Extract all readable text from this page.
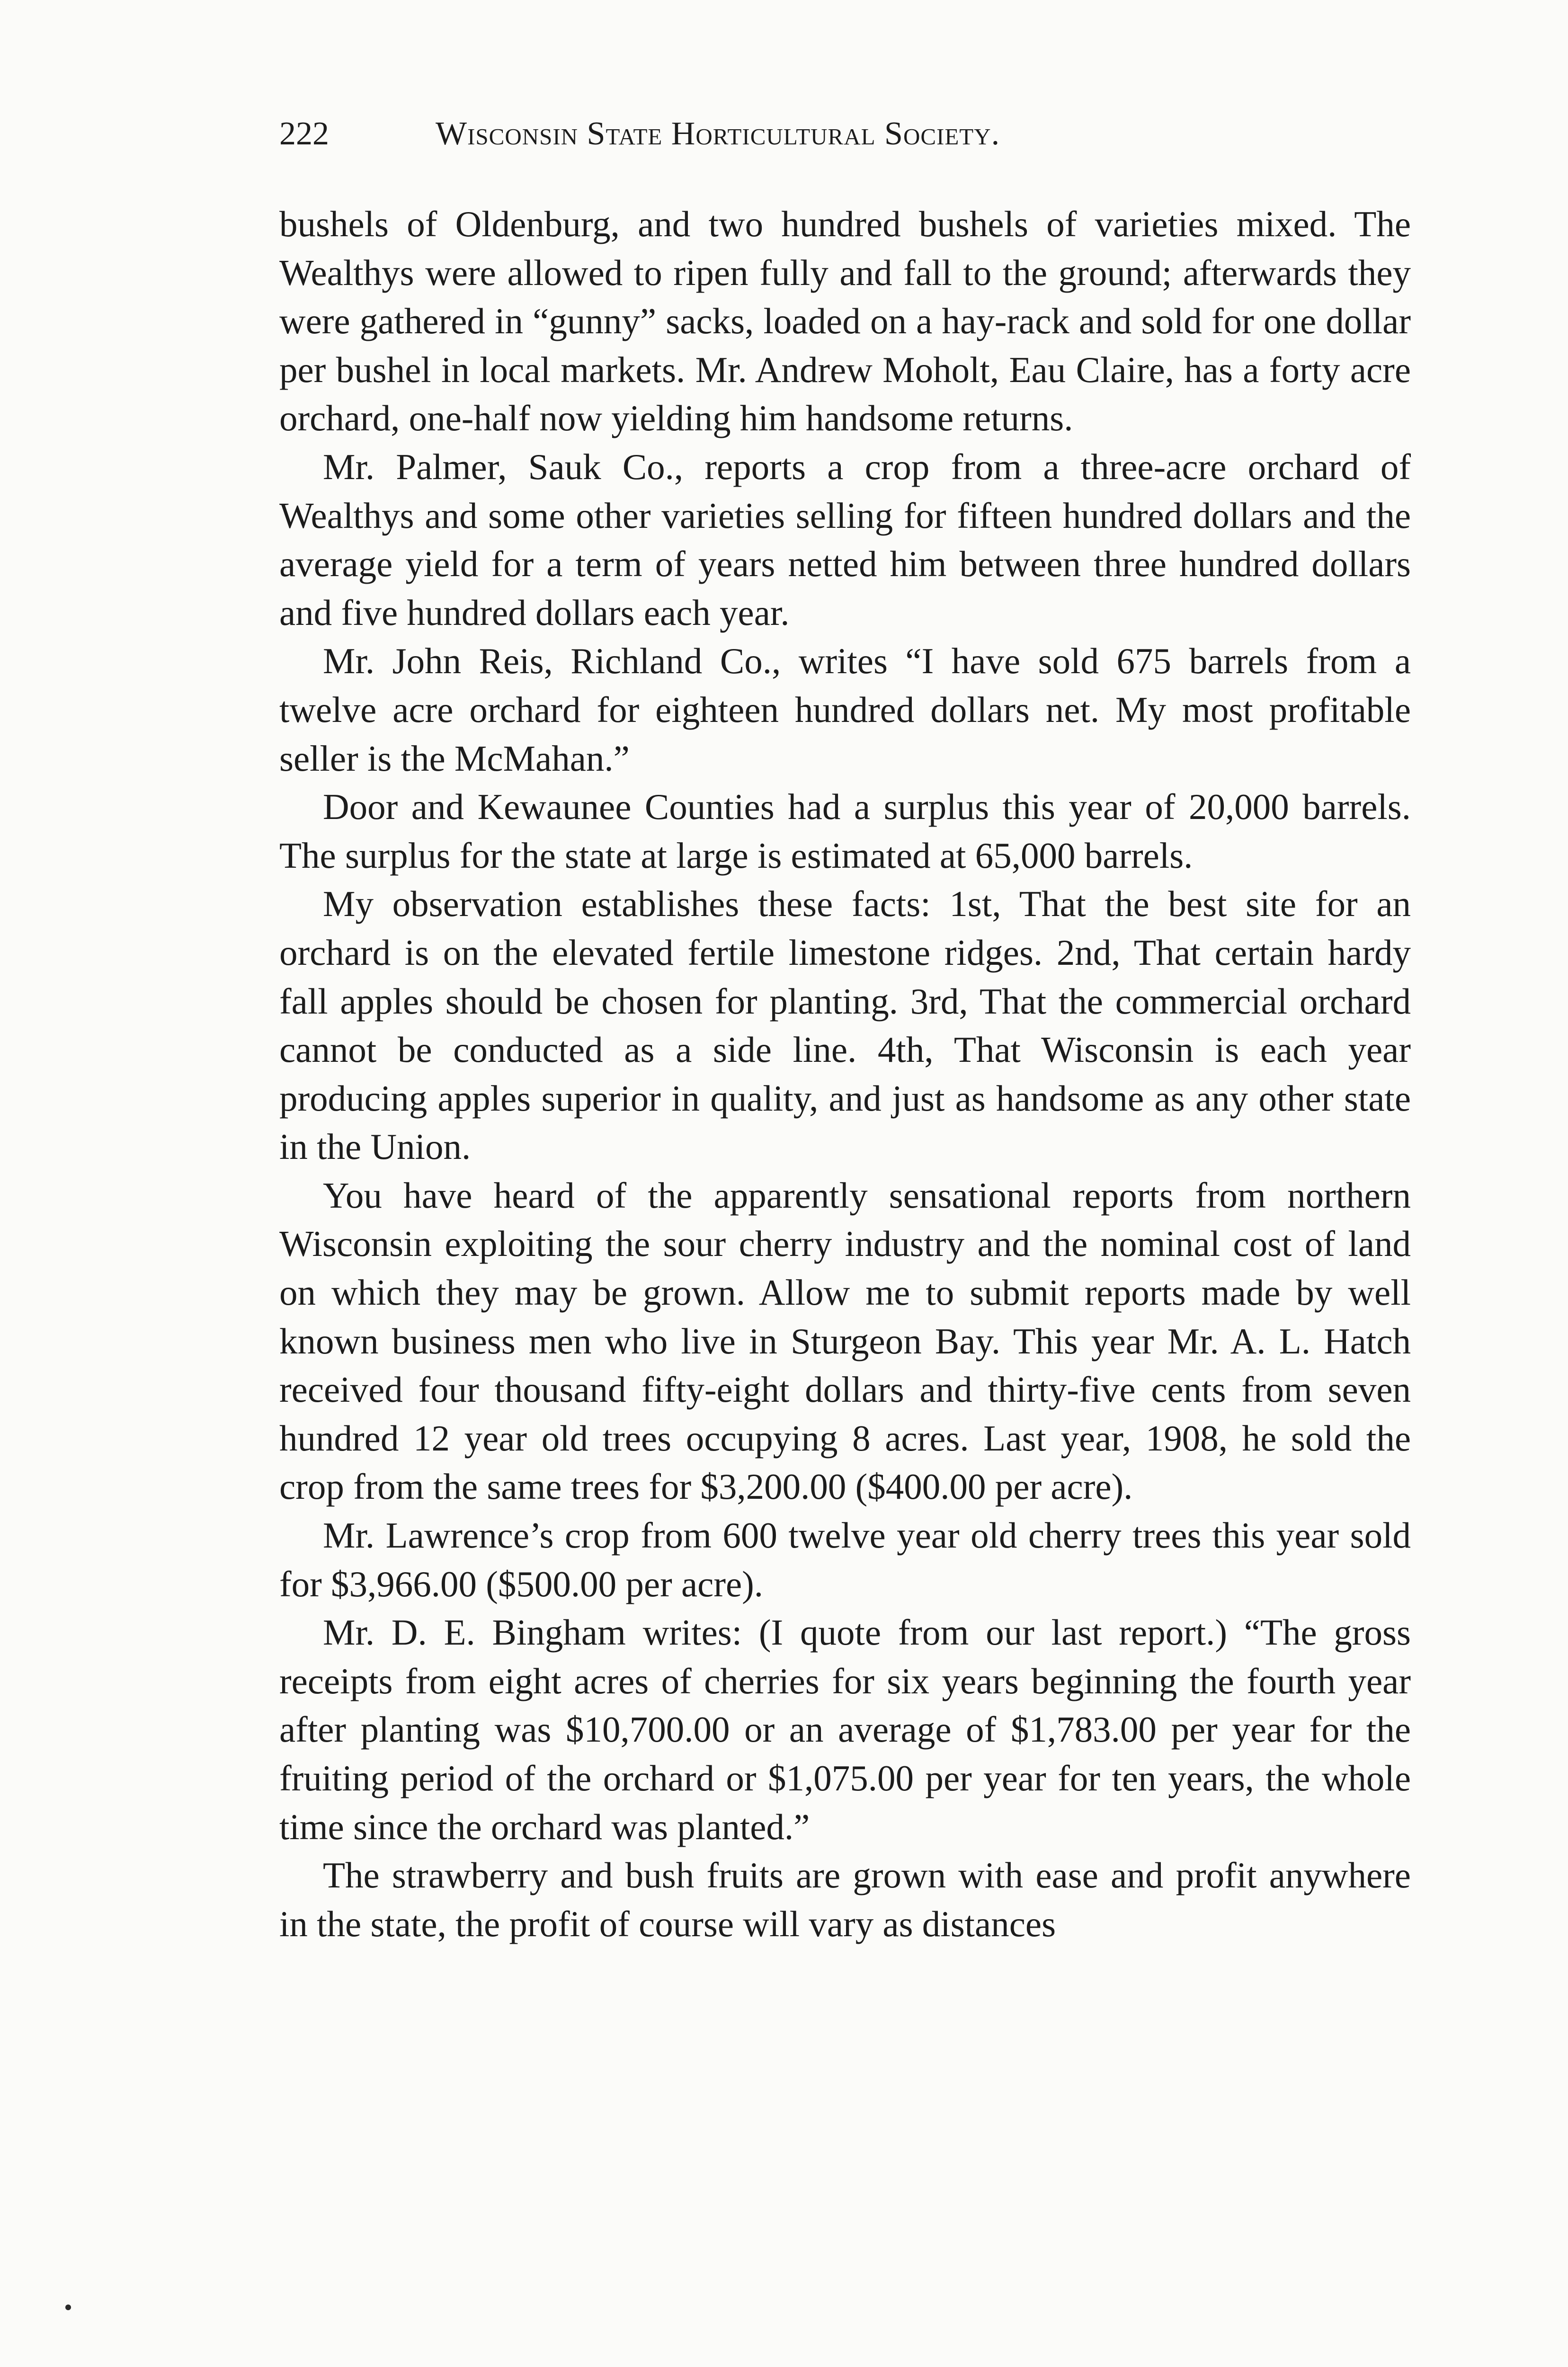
222	Wisconsin State Horticultural Society.

bushels of Oldenburg, and two hundred bushels of varieties mixed. The Wealthys were allowed to ripen fully and fall to the ground; afterwards they were gathered in “gunny” sacks, loaded on a hay-rack and sold for one dollar per bushel in local markets. Mr. Andrew Moholt, Eau Claire, has a forty acre orchard, one-half now yielding him handsome returns.

Mr. Palmer, Sauk Co., reports a crop from a three-acre orchard of Wealthys and some other varieties selling for fifteen hundred dollars and the average yield for a term of years netted him between three hundred dollars and five hundred dollars each year.

Mr. John Reis, Richland Co., writes “I have sold 675 barrels from a twelve acre orchard for eighteen hundred dollars net. My most profitable seller is the McMahan.”

Door and Kewaunee Counties had a surplus this year of 20,000 barrels. The surplus for the state at large is estimated at 65,000 barrels.

My observation establishes these facts: 1st, That the best site for an orchard is on the elevated fertile limestone ridges. 2nd, That certain hardy fall apples should be chosen for planting. 3rd, That the commercial orchard cannot be conducted as a side line. 4th, That Wisconsin is each year producing apples superior in quality, and just as handsome as any other state in the Union.

You have heard of the apparently sensational reports from northern Wisconsin exploiting the sour cherry industry and the nominal cost of land on which they may be grown. Allow me to submit reports made by well known business men who live in Sturgeon Bay. This year Mr. A. L. Hatch received four thousand fifty-eight dollars and thirty-five cents from seven hundred 12 year old trees occupying 8 acres. Last year, 1908, he sold the crop from the same trees for $3,200.00 ($400.00 per acre).

Mr. Lawrence’s crop from 600 twelve year old cherry trees this year sold for $3,966.00 ($500.00 per acre).

Mr. D. E. Bingham writes: (I quote from our last report.) “The gross receipts from eight acres of cherries for six years beginning the fourth year after planting was $10,700.00 or an average of $1,783.00 per year for the fruiting period of the orchard or $1,075.00 per year for ten years, the whole time since the orchard was planted.”

The strawberry and bush fruits are grown with ease and profit anywhere in the state, the profit of course will vary as distances
